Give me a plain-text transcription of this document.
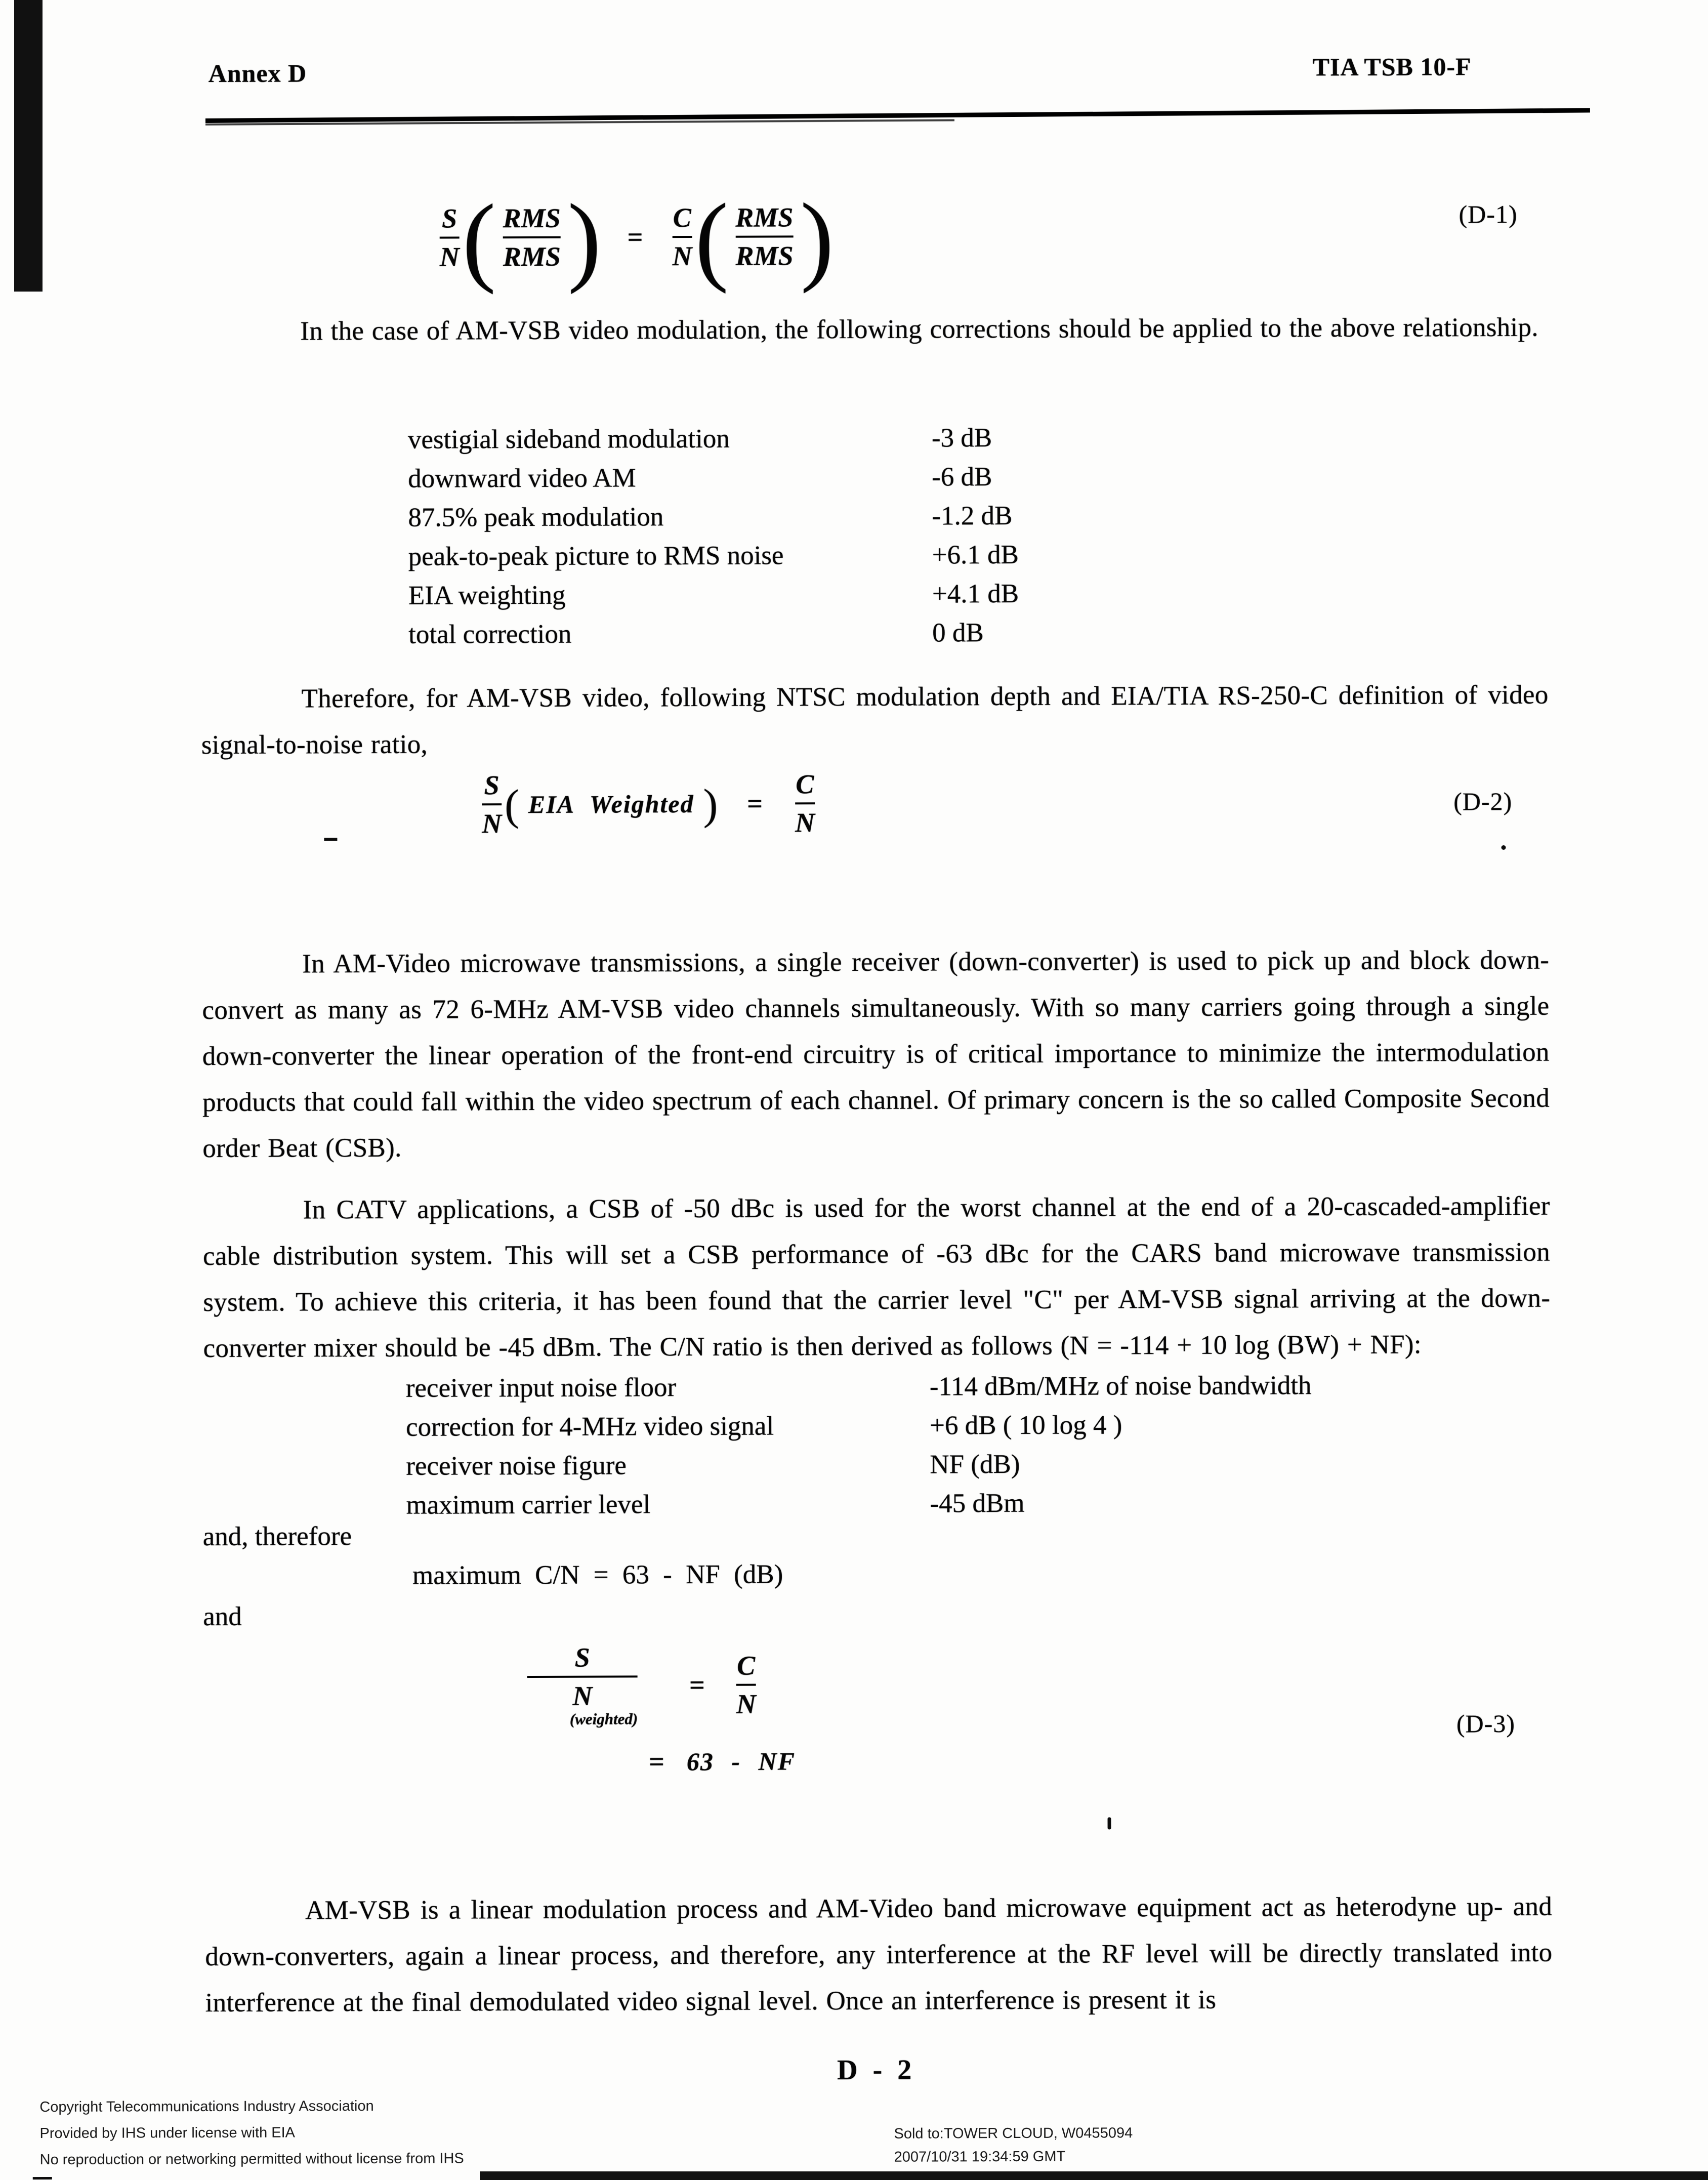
Annex D	TIA TSB 10-F
S
N ( RMS
RMS ) =
C
N ( RMS
RMS )	(D-1)
In the case of AM-VSB video modulation, the following corrections should be applied to the above relationship.
vestigial sideband modulation	-3 dB
downward video AM	-6 dB
87.5% peak modulation	-1.2 dB
peak-to-peak picture to RMS noise	+6.1 dB
EIA weighting	+4.1 dB
total correction	0 dB
Therefore, for AM-VSB video, following NTSC modulation depth and EIA/TIA RS-250-C definition of video signal-to-noise ratio,
S
N ( EIA Weighted ) =
C
N
(D-2)
In AM-Video microwave transmissions, a single receiver (down-converter) is used to pick up and block down-convert as many as 72 6-MHz AM-VSB video channels simultaneously. With so many carriers going through a single down-converter the linear operation of the front-end circuitry is of critical importance to minimize the intermodulation products that could fall within the video spectrum of each channel. Of primary concern is the so called Composite Second order Beat (CSB).
In CATV applications, a CSB of -50 dBc is used for the worst channel at the end of a 20-cascaded-amplifier cable distribution system. This will set a CSB performance of -63 dBc for the CARS band microwave transmission system. To achieve this criteria, it has been found that the carrier level "C" per AM-VSB signal arriving at the down-converter mixer should be -45 dBm. The C/N ratio is then derived as follows (N = -114 + 10 log (BW) + NF):
receiver input noise floor	-114 dBm/MHz of noise bandwidth
correction for 4-MHz video signal	+6 dB ( 10 log 4 )
receiver noise figure	NF (dB)
maximum carrier level	-45 dBm
and, therefore
maximum C/N = 63 - NF (dB)
and
S
N
(weighted)
=
C
N
= 63 - NF
(D-3)
AM-VSB is a linear modulation process and AM-Video band microwave equipment act as heterodyne up- and down-converters, again a linear process, and therefore, any interference at the RF level will be directly translated into interference at the final demodulated video signal level. Once an interference is present it is
D - 2
Copyright Telecommunications Industry Association
Provided by IHS under license with EIA
No reproduction or networking permitted without license from IHS
Sold to:TOWER CLOUD, W0455094
2007/10/31 19:34:59 GMT
